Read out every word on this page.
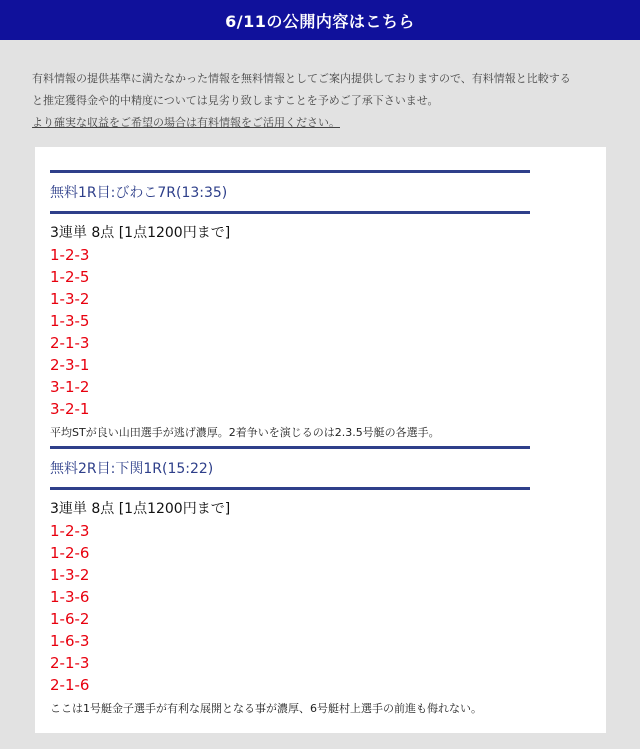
6/11の公開内容はこちら

有料情報の提供基準に満たなかった情報を無料情報としてご案内提供しておりますので、有料情報と比較する

と推定獲得金や的中精度については見劣り致しますことを予めご了承下さいませ。

より確実な収益をご希望の場合は有料情報をご活用ください。

無料1R目:びわこ7R(13:35)
3連単 8点 [1点1200円まで]
1-2-3
1-2-5
1-3-2
1-3-5
2-1-3
2-3-1
3-1-2
3-2-1
平均STが良い山田選手が逃げ濃厚。2着争いを演じるのは2.3.5号艇の各選手。
無料2R目:下関1R(15:22)
3連単 8点 [1点1200円まで]
1-2-3
1-2-6
1-3-2
1-3-6
1-6-2
1-6-3
2-1-3
2-1-6
ここは1号艇金子選手が有利な展開となる事が濃厚、6号艇村上選手の前進も侮れない。
